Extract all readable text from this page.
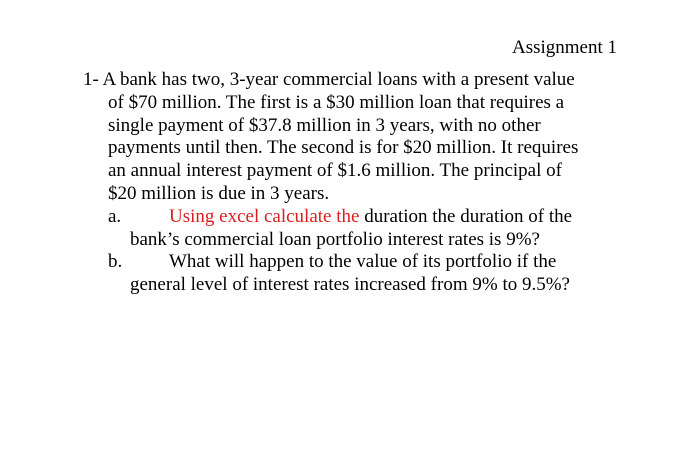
Assignment 1
1- A bank has two, 3-year commercial loans with a present value
of $70 million. The first is a $30 million loan that requires a
single payment of $37.8 million in 3 years, with no other
payments until then. The second is for $20 million. It requires
an annual interest payment of $1.6 million. The principal of
$20 million is due in 3 years.
a.	Using excel calculate the duration the duration of the
bank’s commercial loan portfolio interest rates is 9%?
b. What will happen to the value of its portfolio if the
general level of interest rates increased from 9% to 9.5%?
